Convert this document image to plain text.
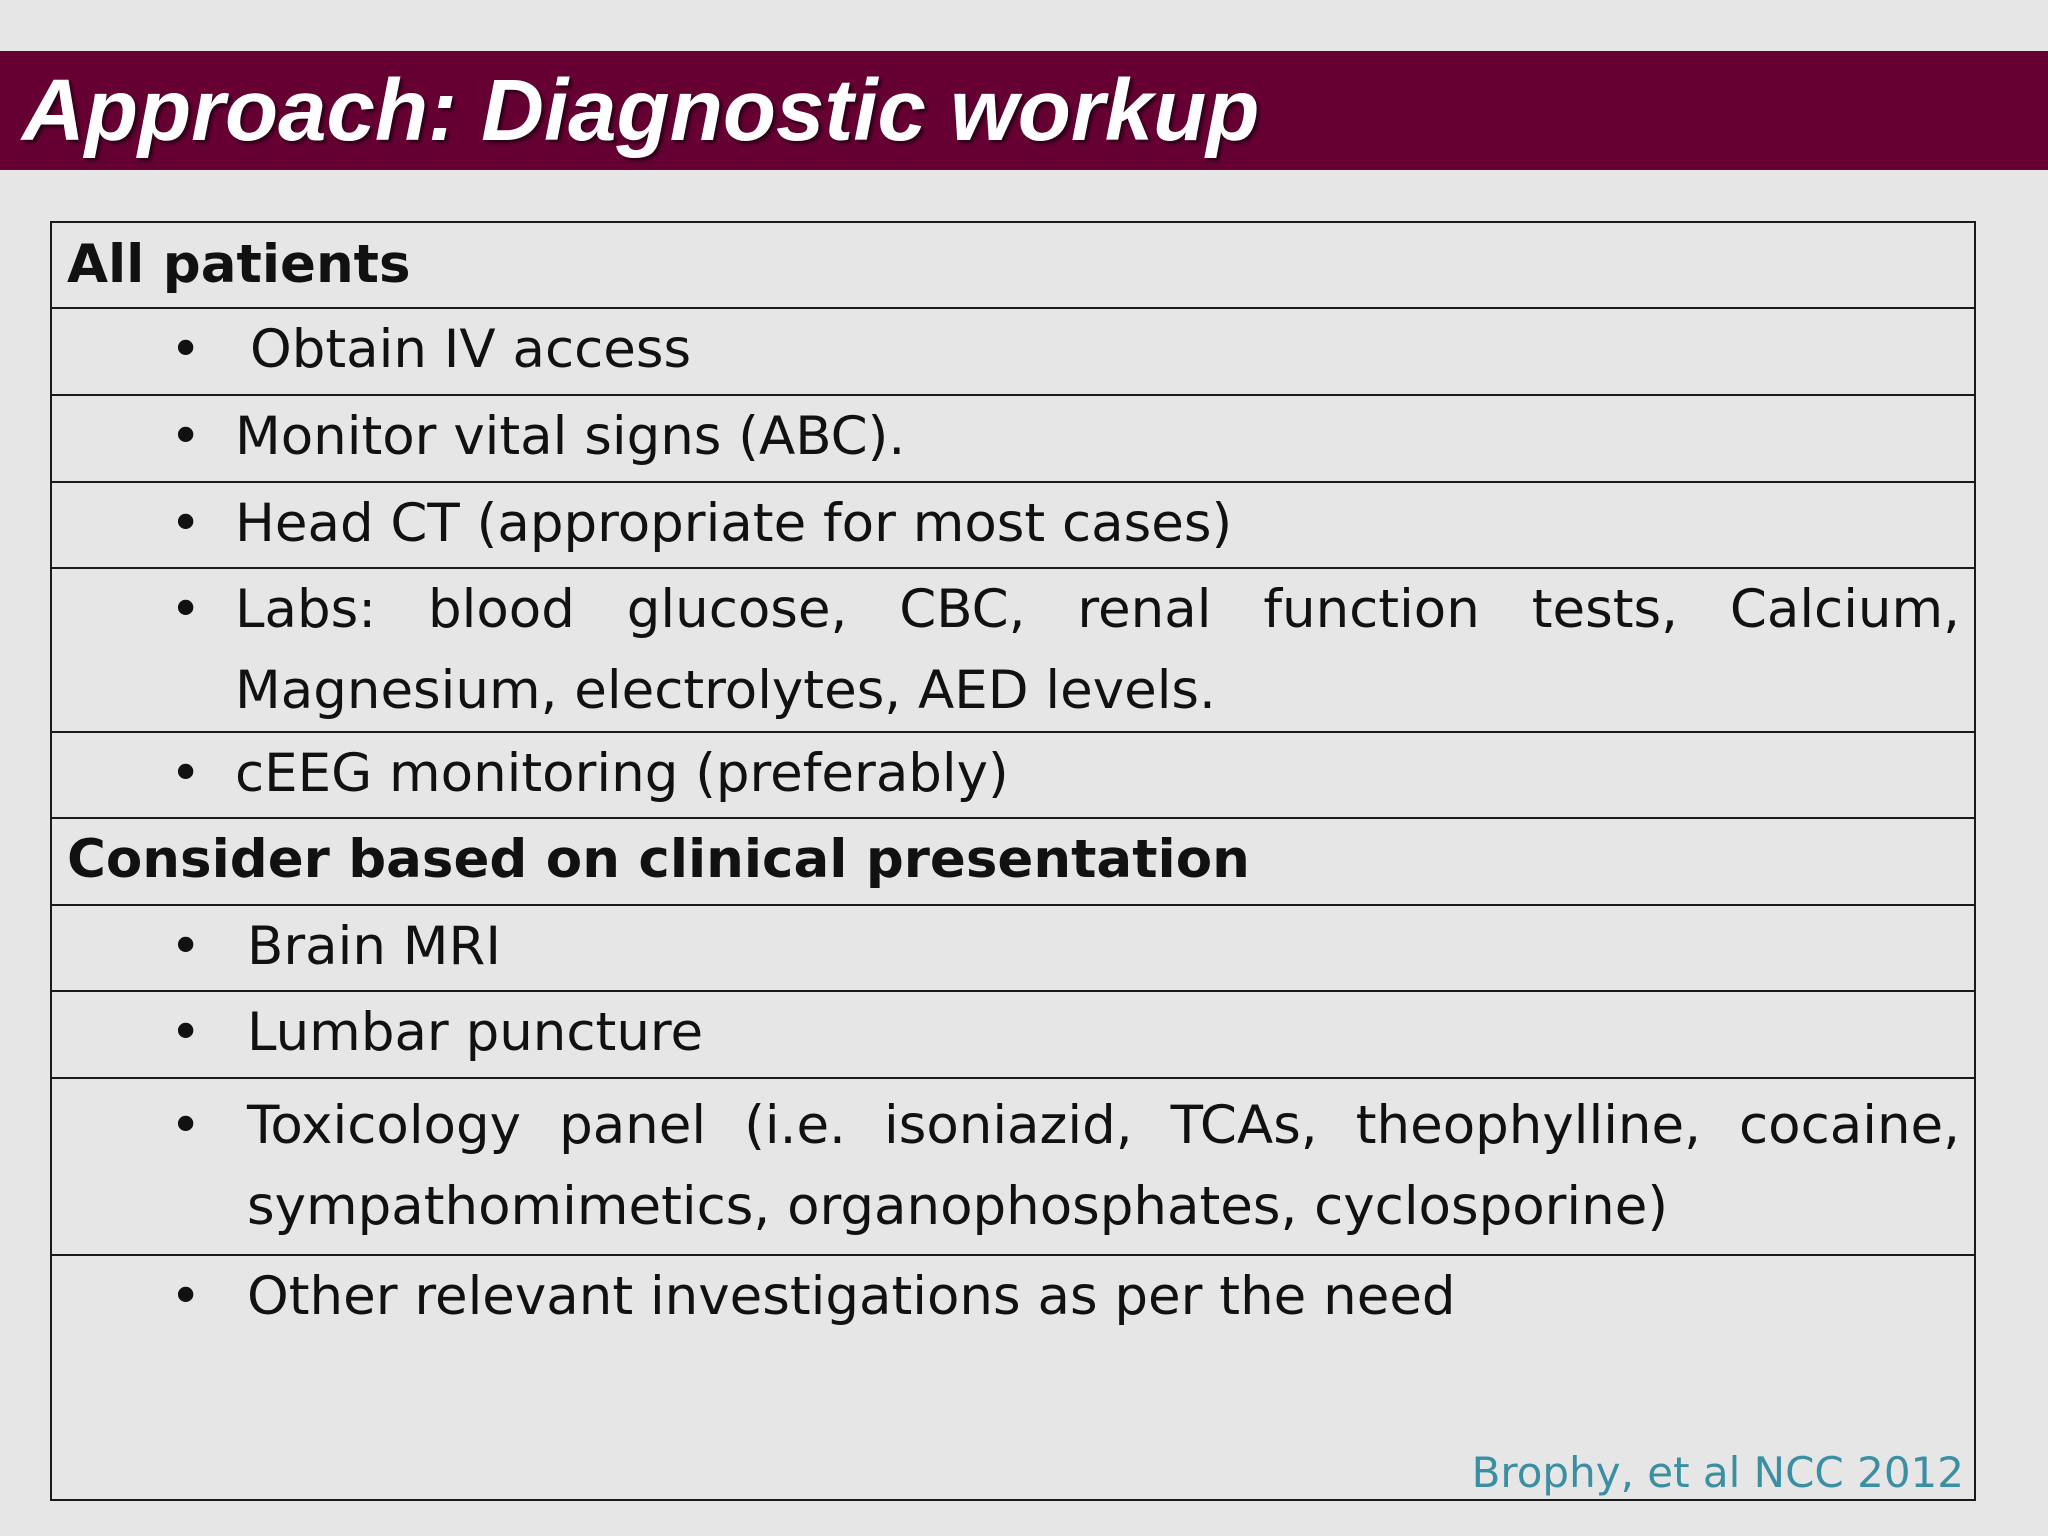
Approach: Diagnostic workup
All patients
• Obtain IV access
• Monitor vital signs (ABC).
• Head CT (appropriate for most cases)
• Labs: blood glucose, CBC, renal function tests, Calcium, Magnesium, electrolytes, AED levels.
• cEEG monitoring (preferably)
Consider based on clinical presentation
• Brain MRI
• Lumbar puncture
• Toxicology panel (i.e. isoniazid, TCAs, theophylline, cocaine, sympathomimetics, organophosphates, cyclosporine)
• Other relevant investigations as per the need
Brophy, et al NCC 2012
